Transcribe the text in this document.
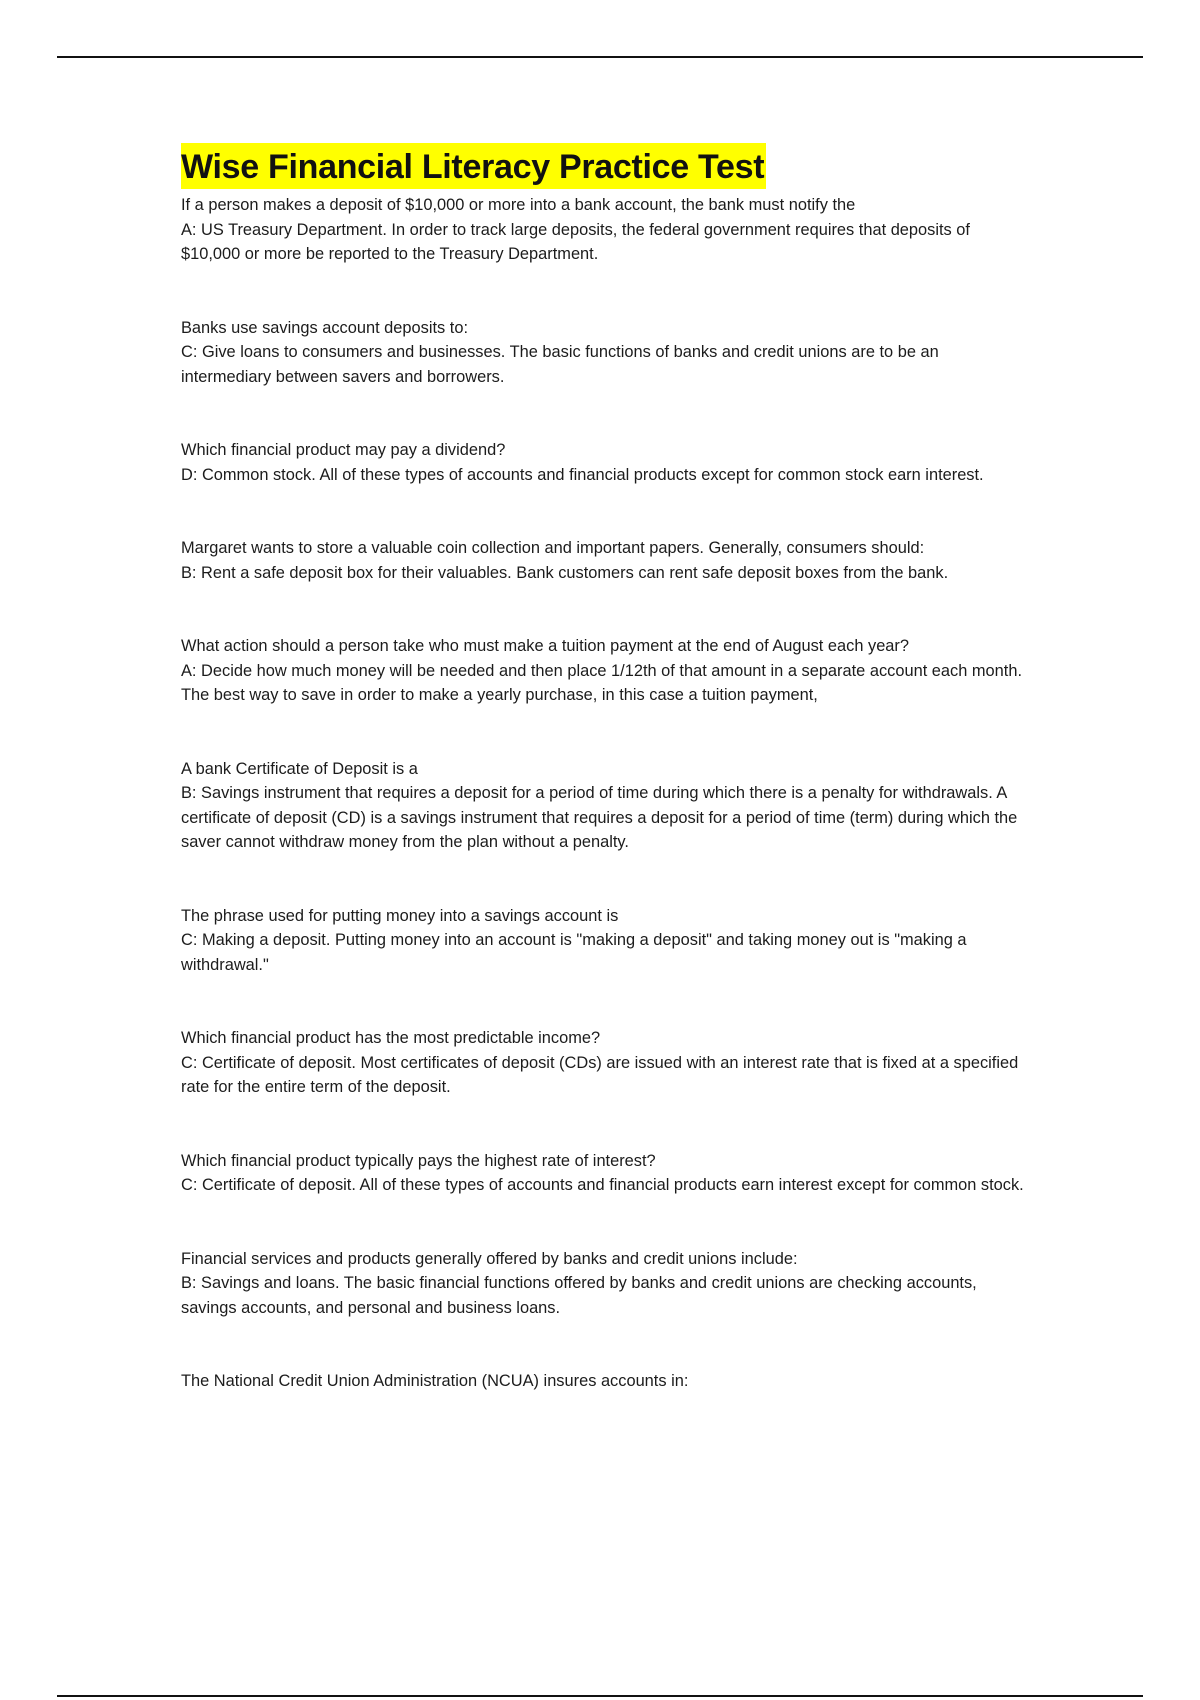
Wise Financial Literacy Practice Test

If a person makes a deposit of $10,000 or more into a bank account, the bank must notify the

A: US Treasury Department. In order to track large deposits, the federal government requires that deposits of $10,000 or more be reported to the Treasury Department.

Banks use savings account deposits to:

C: Give loans to consumers and businesses. The basic functions of banks and credit unions are to be an intermediary between savers and borrowers.

Which financial product may pay a dividend?

D: Common stock. All of these types of accounts and financial products except for common stock earn interest.

Margaret wants to store a valuable coin collection and important papers. Generally, consumers should:

B: Rent a safe deposit box for their valuables. Bank customers can rent safe deposit boxes from the bank.

What action should a person take who must make a tuition payment at the end of August each year?

A: Decide how much money will be needed and then place 1/12th of that amount in a separate account each month. The best way to save in order to make a yearly purchase, in this case a tuition payment,

A bank Certificate of Deposit is a

B: Savings instrument that requires a deposit for a period of time during which there is a penalty for withdrawals. A certificate of deposit (CD) is a savings instrument that requires a deposit for a period of time (term) during which the saver cannot withdraw money from the plan without a penalty.

The phrase used for putting money into a savings account is

C: Making a deposit. Putting money into an account is "making a deposit" and taking money out is "making a withdrawal."

Which financial product has the most predictable income?

C: Certificate of deposit. Most certificates of deposit (CDs) are issued with an interest rate that is fixed at a specified rate for the entire term of the deposit.

Which financial product typically pays the highest rate of interest?

C: Certificate of deposit. All of these types of accounts and financial products earn interest except for common stock.

Financial services and products generally offered by banks and credit unions include:

B: Savings and loans. The basic financial functions offered by banks and credit unions are checking accounts, savings accounts, and personal and business loans.

The National Credit Union Administration (NCUA) insures accounts in:
